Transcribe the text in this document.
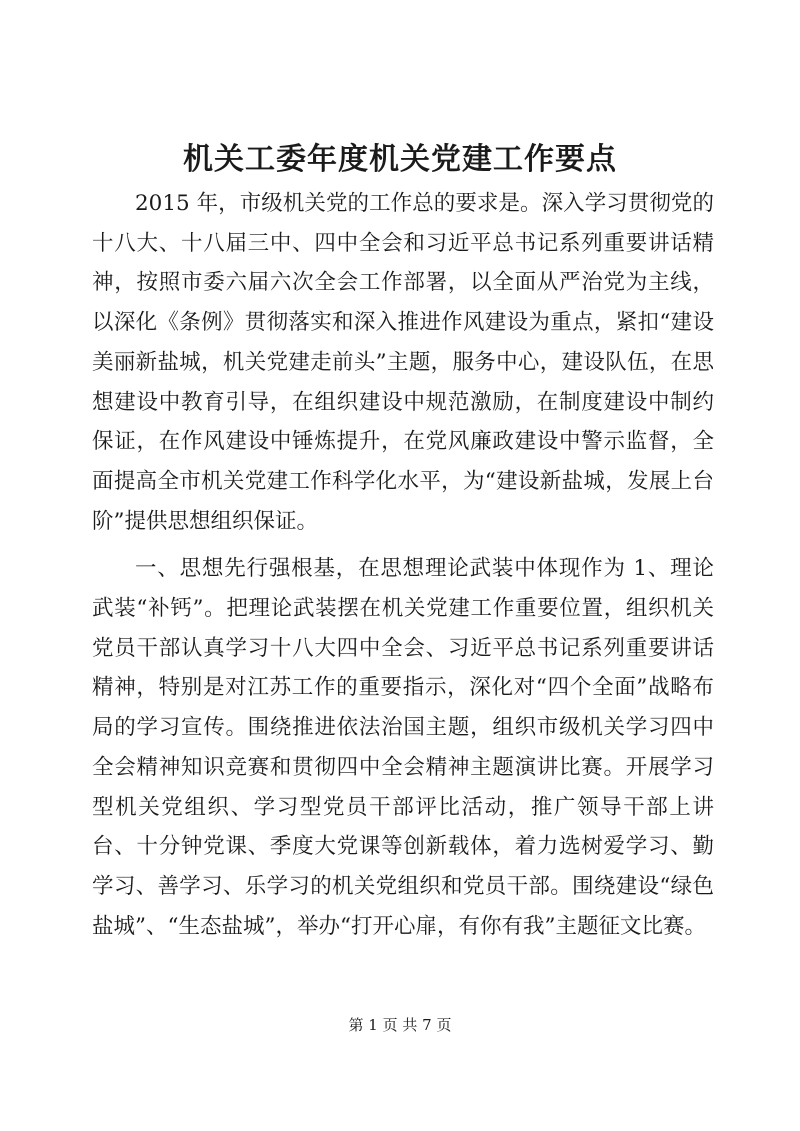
机关工委年度机关党建工作要点

2015 年，市级机关党的工作总的要求是。深入学习贯彻党的十八大、十八届三中、四中全会和习近平总书记系列重要讲话精神，按照市委六届六次全会工作部署，以全面从严治党为主线，以深化《条例》贯彻落实和深入推进作风建设为重点，紧扣“建设美丽新盐城，机关党建走前头”主题，服务中心，建设队伍，在思想建设中教育引导，在组织建设中规范激励，在制度建设中制约保证，在作风建设中锤炼提升，在党风廉政建设中警示监督，全面提高全市机关党建工作科学化水平，为“建设新盐城，发展上台阶”提供思想组织保证。

一、思想先行强根基，在思想理论武装中体现作为 1、理论武装“补钙”。把理论武装摆在机关党建工作重要位置，组织机关党员干部认真学习十八大四中全会、习近平总书记系列重要讲话精神，特别是对江苏工作的重要指示，深化对“四个全面”战略布局的学习宣传。围绕推进依法治国主题，组织市级机关学习四中全会精神知识竞赛和贯彻四中全会精神主题演讲比赛。开展学习型机关党组织、学习型党员干部评比活动，推广领导干部上讲台、十分钟党课、季度大党课等创新载体，着力选树爱学习、勤学习、善学习、乐学习的机关党组织和党员干部。围绕建设“绿色盐城”、“生态盐城”，举办“打开心扉，有你有我”主题征文比赛。

第 1 页 共 7 页
